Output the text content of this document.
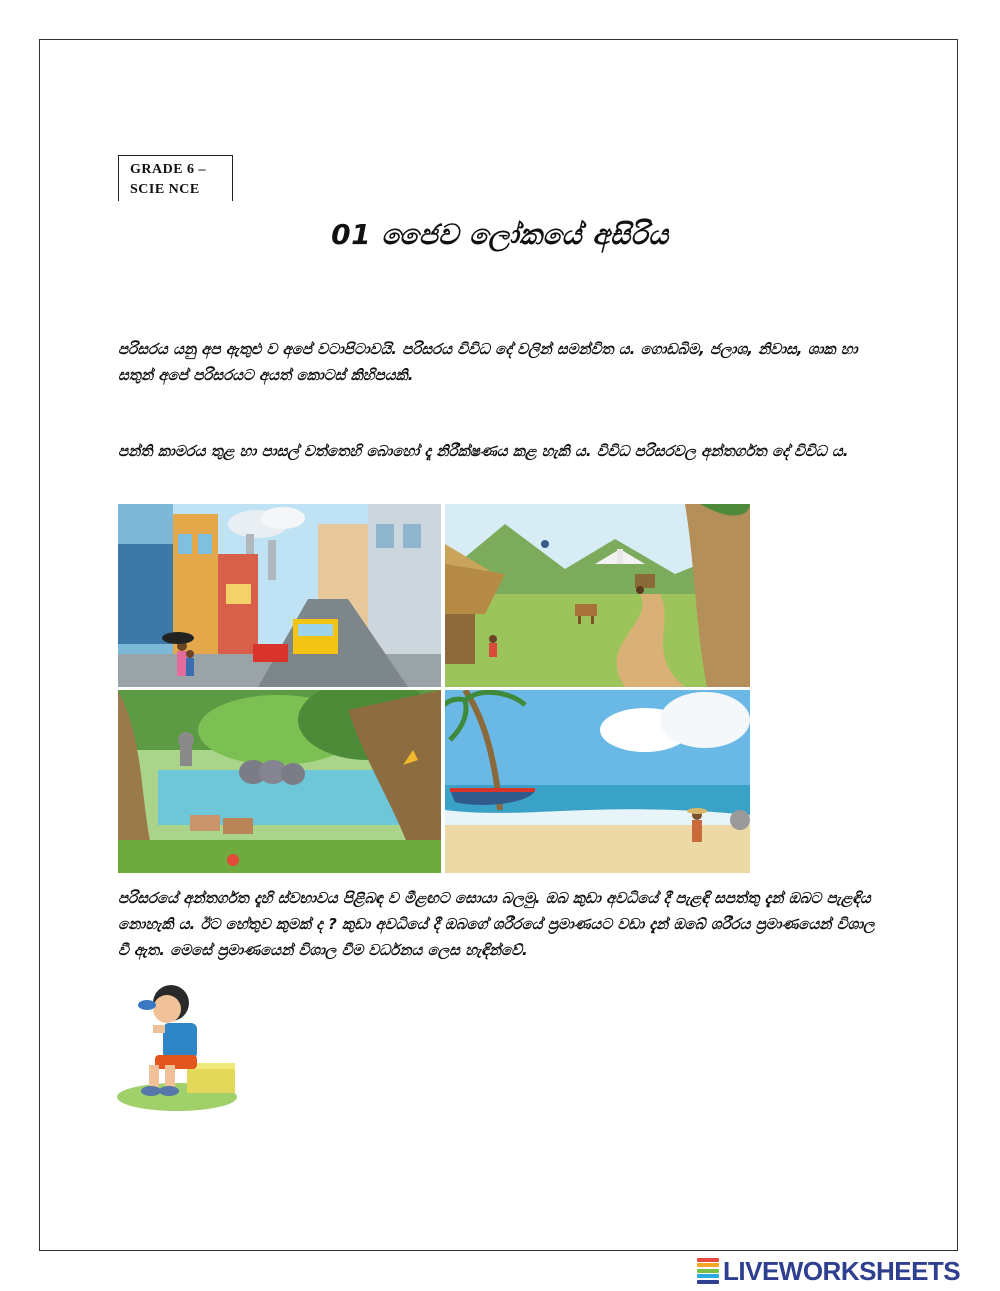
GRADE 6 –
SCIE NCE
01 ජෛව ලෝකයේ අසිරිය
පරිසරය යනු අප ඇතුළු ව අපේ වටාපිටාවයි. පරිසරය විවිධ දේ වලින් සමන්විත ය. ගොඩබිම, ජලාශ, නිවාස, ශාක හා සතුන් අපේ පරිසරයට අයත් කොටස් කිහිපයකි.
පන්ති කාමරය තුළ හා පාසල් වත්තෙහි බොහෝ දෑ නිරීක්ෂණය කළ හැකි ය. විවිධ පරිසරවල අන්තර්ගත දේ විවිධ ය.
පරිසරයේ අන්තර්ගත දෑහි ස්වභාවය පිළිබඳ ව මීළඟට සොයා බලමු. ඔබ කුඩා අවධියේ දී පැළඳි සපත්තු දැන් ඔබට පැළඳිය නොහැකි ය. ඊට හේතුව කුමක් ද ? කුඩා අවධියේ දී ඔබගේ ශරීරයේ ප්‍රමාණයට වඩා දැන් ඔබේ ශරීරය ප්‍රමාණයෙන් විශාල වී ඇත. මෙසේ ප්‍රමාණයෙන් විශාල වීම වර්ධනය ලෙස හැඳින්වේ.
LIVEWORKSHEETS
